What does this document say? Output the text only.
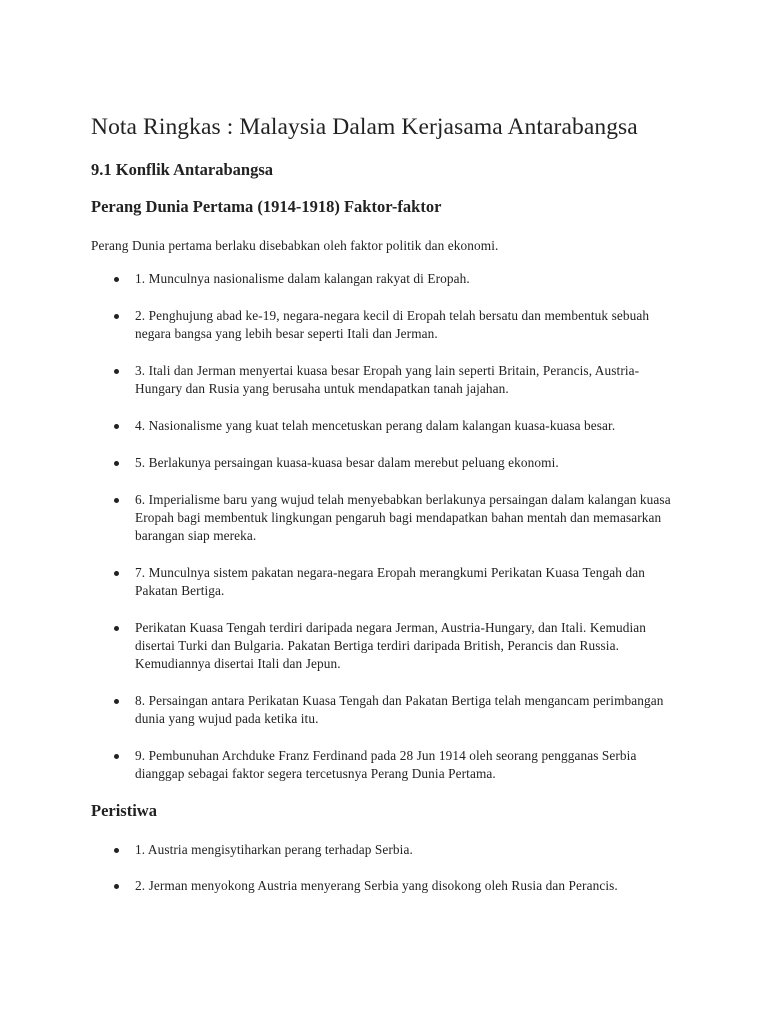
Nota Ringkas : Malaysia Dalam Kerjasama Antarabangsa
9.1 Konflik Antarabangsa
Perang Dunia Pertama (1914-1918) Faktor-faktor

Perang Dunia pertama berlaku disebabkan oleh faktor politik dan ekonomi.

1. Munculnya nasionalisme dalam kalangan rakyat di Eropah.
2. Penghujung abad ke-19, negara-negara kecil di Eropah telah bersatu dan membentuk sebuah negara bangsa yang lebih besar seperti Itali dan Jerman.
3. Itali dan Jerman menyertai kuasa besar Eropah yang lain seperti Britain, Perancis, Austria-Hungary dan Rusia yang berusaha untuk mendapatkan tanah jajahan.
4. Nasionalisme yang kuat telah mencetuskan perang dalam kalangan kuasa-kuasa besar.
5. Berlakunya persaingan kuasa-kuasa besar dalam merebut peluang ekonomi.
6. Imperialisme baru yang wujud telah menyebabkan berlakunya persaingan dalam kalangan kuasa Eropah bagi membentuk lingkungan pengaruh bagi mendapatkan bahan mentah dan memasarkan barangan siap mereka.
7. Munculnya sistem pakatan negara-negara Eropah merangkumi Perikatan Kuasa Tengah dan Pakatan Bertiga.
Perikatan Kuasa Tengah terdiri daripada negara Jerman, Austria-Hungary, dan Itali. Kemudian disertai Turki dan Bulgaria. Pakatan Bertiga terdiri daripada British, Perancis dan Russia. Kemudiannya disertai Itali dan Jepun.
8. Persaingan antara Perikatan Kuasa Tengah dan Pakatan Bertiga telah mengancam perimbangan dunia yang wujud pada ketika itu.
9. Pembunuhan Archduke Franz Ferdinand pada 28 Jun 1914 oleh seorang pengganas Serbia dianggap sebagai faktor segera tercetusnya Perang Dunia Pertama.
Peristiwa
1. Austria mengisytiharkan perang terhadap Serbia.
2. Jerman menyokong Austria menyerang Serbia yang disokong oleh Rusia dan Perancis.
